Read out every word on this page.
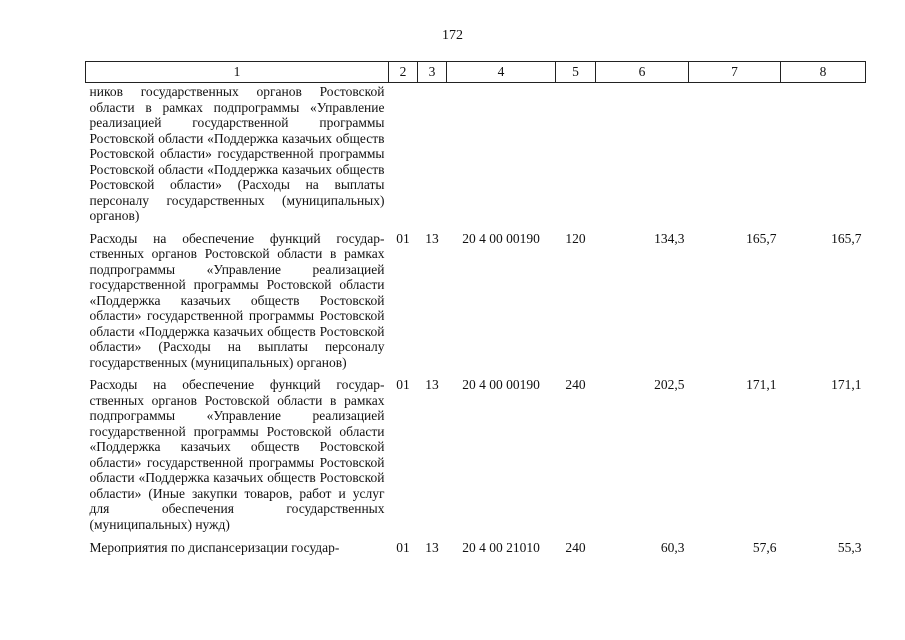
172
1	2	3	4	5	6	7	8
ников государственных органов Ростовской области в рамках подпрограммы «Управление реализацией государственной программы Ростовской области «Поддержка казачьих обществ Ростовской области» государственной программы Ростовской области «Поддержка казачьих обществ Ростовской области» (Расходы на выплаты персоналу государственных (муниципальных) органов)							
Расходы на обеспечение функций государственных органов Ростовской области в рамках подпрограммы «Управление реализацией государственной программы Ростовской области «Поддержка казачьих обществ Ростовской области» государственной программы Ростовской области «Поддержка казачьих обществ Ростовской области» (Расходы на выплаты персоналу государственных (муниципальных) органов)	01	13	20 4 00 00190	120	134,3	165,7	165,7
Расходы на обеспечение функций государственных органов Ростовской области в рамках подпрограммы «Управление реализацией государственной программы Ростовской области «Поддержка казачьих обществ Ростовской области» государственной программы Ростовской области «Поддержка казачьих обществ Ростовской области» (Иные закупки товаров, работ и услуг для обеспечения государственных (муниципальных) нужд)	01	13	20 4 00 00190	240	202,5	171,1	171,1
Мероприятия по диспансеризации государ-	01	13	20 4 00 21010	240	60,3	57,6	55,3
